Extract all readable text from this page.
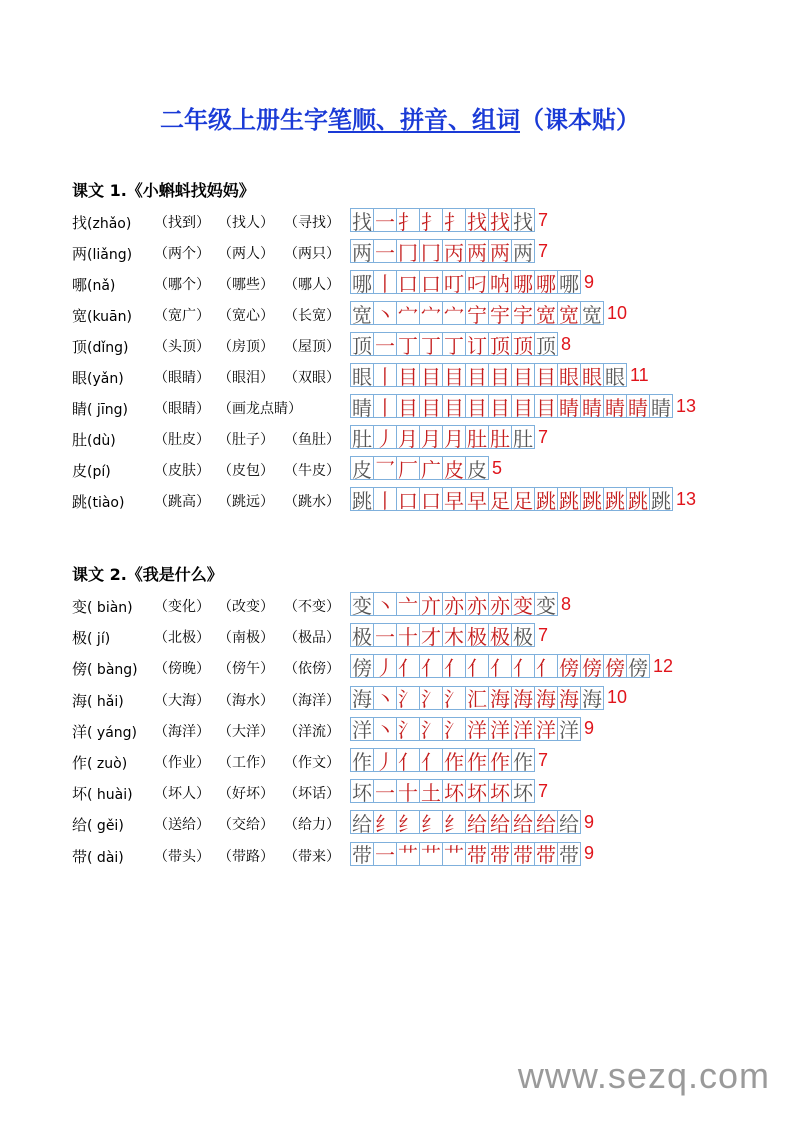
二年级上册生字笔顺、拼音、组词（课本贴）
课文 1.《小蝌蚪找妈妈》
找(zhǎo) （找到） （找人） （寻找） 找 一 扌 扌 扌 找 找 找 7
两(liǎng) （两个） （两人） （两只） 两 一 冂 冂 丙 两 两 两 7
哪(nǎ)	（哪个） （哪些） （哪人） 哪 丨 口 口 叮 叼 呐 哪 哪 哪 9
宽(kuān) （宽广） （宽心） （长宽） 宽 丶 宀 宀 宀 宁 宇 宇 宽 宽 宽 10
顶(dǐng) （头顶） （房顶） （屋顶） 顶 一 丁 丁 丁 订 顶 顶 顶 8
眼(yǎn) （眼睛） （眼泪） （双眼） 眼 丨 目 目 目 目 目 目 目 眼 眼 眼 11
睛( jīng) （眼睛） （画龙点睛）	睛 丨 目 目 目 目 目 目 目 睛 睛 睛 睛 睛 13
肚(dù)	（肚皮） （肚子） （鱼肚） 肚 丿 月 月 月 肚 肚 肚 7
皮(pí)	（皮肤） （皮包） （牛皮） 皮 乛 厂 广 皮 皮 5
跳(tiào) （跳高） （跳远） （跳水） 跳 丨 口 口 早 早 足 足 跳 跳 跳 跳 跳 跳 13
课文 2.《我是什么》
变( biàn) （变化） （改变） （不变） 变 丶 亠 亣 亦 亦 亦 变 变 8
极( jí)	（北极） （南极） （极品） 极 一 十 才 木 极 极 极 7
傍( bàng) （傍晚） （傍午） （依傍） 傍 丿 亻 亻 亻 亻 亻 亻 亻 傍 傍 傍 傍 12
海( hǎi) （大海） （海水） （海洋） 海 丶 氵 氵 氵 汇 海 海 海 海 海 10
洋( yáng) （海洋） （大洋） （洋流） 洋 丶 氵 氵 氵 洋 洋 洋 洋 洋 9
作( zuò) （作业） （工作） （作文） 作 丿 亻 亻 作 作 作 作 7
坏( huài) （坏人） （好坏） （坏话） 坏 一 十 土 坏 坏 坏 坏 7
给( gěi) （送给） （交给） （给力） 给 纟 纟 纟 纟 给 给 给 给 给 9
带( dài) （带头） （带路） （带来） 带 一 艹 艹 艹 带 带 带 带 带 9
www.sezq.com
